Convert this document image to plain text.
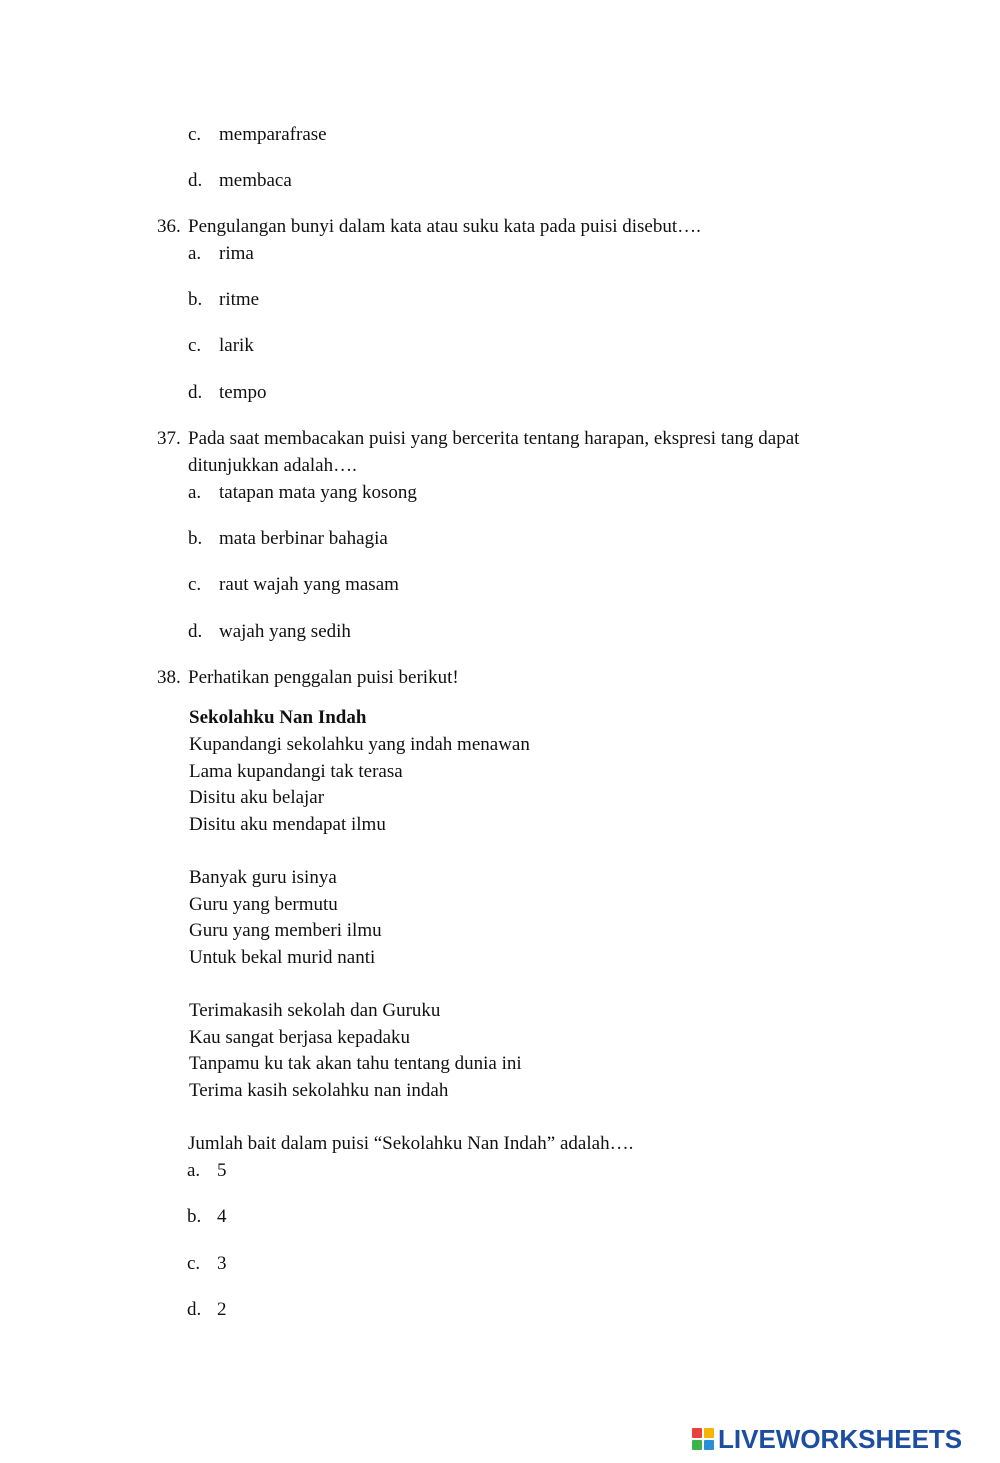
c. memparafrase
d. membaca
36. Pengulangan bunyi dalam kata atau suku kata pada puisi disebut….
a. rima
b. ritme
c. larik
d. tempo
37. Pada saat membacakan puisi yang bercerita tentang harapan, ekspresi tang dapat
ditunjukkan adalah….
a. tatapan mata yang kosong
b. mata berbinar bahagia
c. raut wajah yang masam
d. wajah yang sedih
38. Perhatikan penggalan puisi berikut!
Sekolahku Nan Indah
Kupandangi sekolahku yang indah menawan
Lama kupandangi tak terasa
Disitu aku belajar
Disitu aku mendapat ilmu
Banyak guru isinya
Guru yang bermutu
Guru yang memberi ilmu
Untuk bekal murid nanti
Terimakasih sekolah dan Guruku
Kau sangat berjasa kepadaku
Tanpamu ku tak akan tahu tentang dunia ini
Terima kasih sekolahku nan indah
Jumlah bait dalam puisi “Sekolahku Nan Indah” adalah….
a. 5
b. 4
c. 3
d. 2
LIVEWORKSHEETS
